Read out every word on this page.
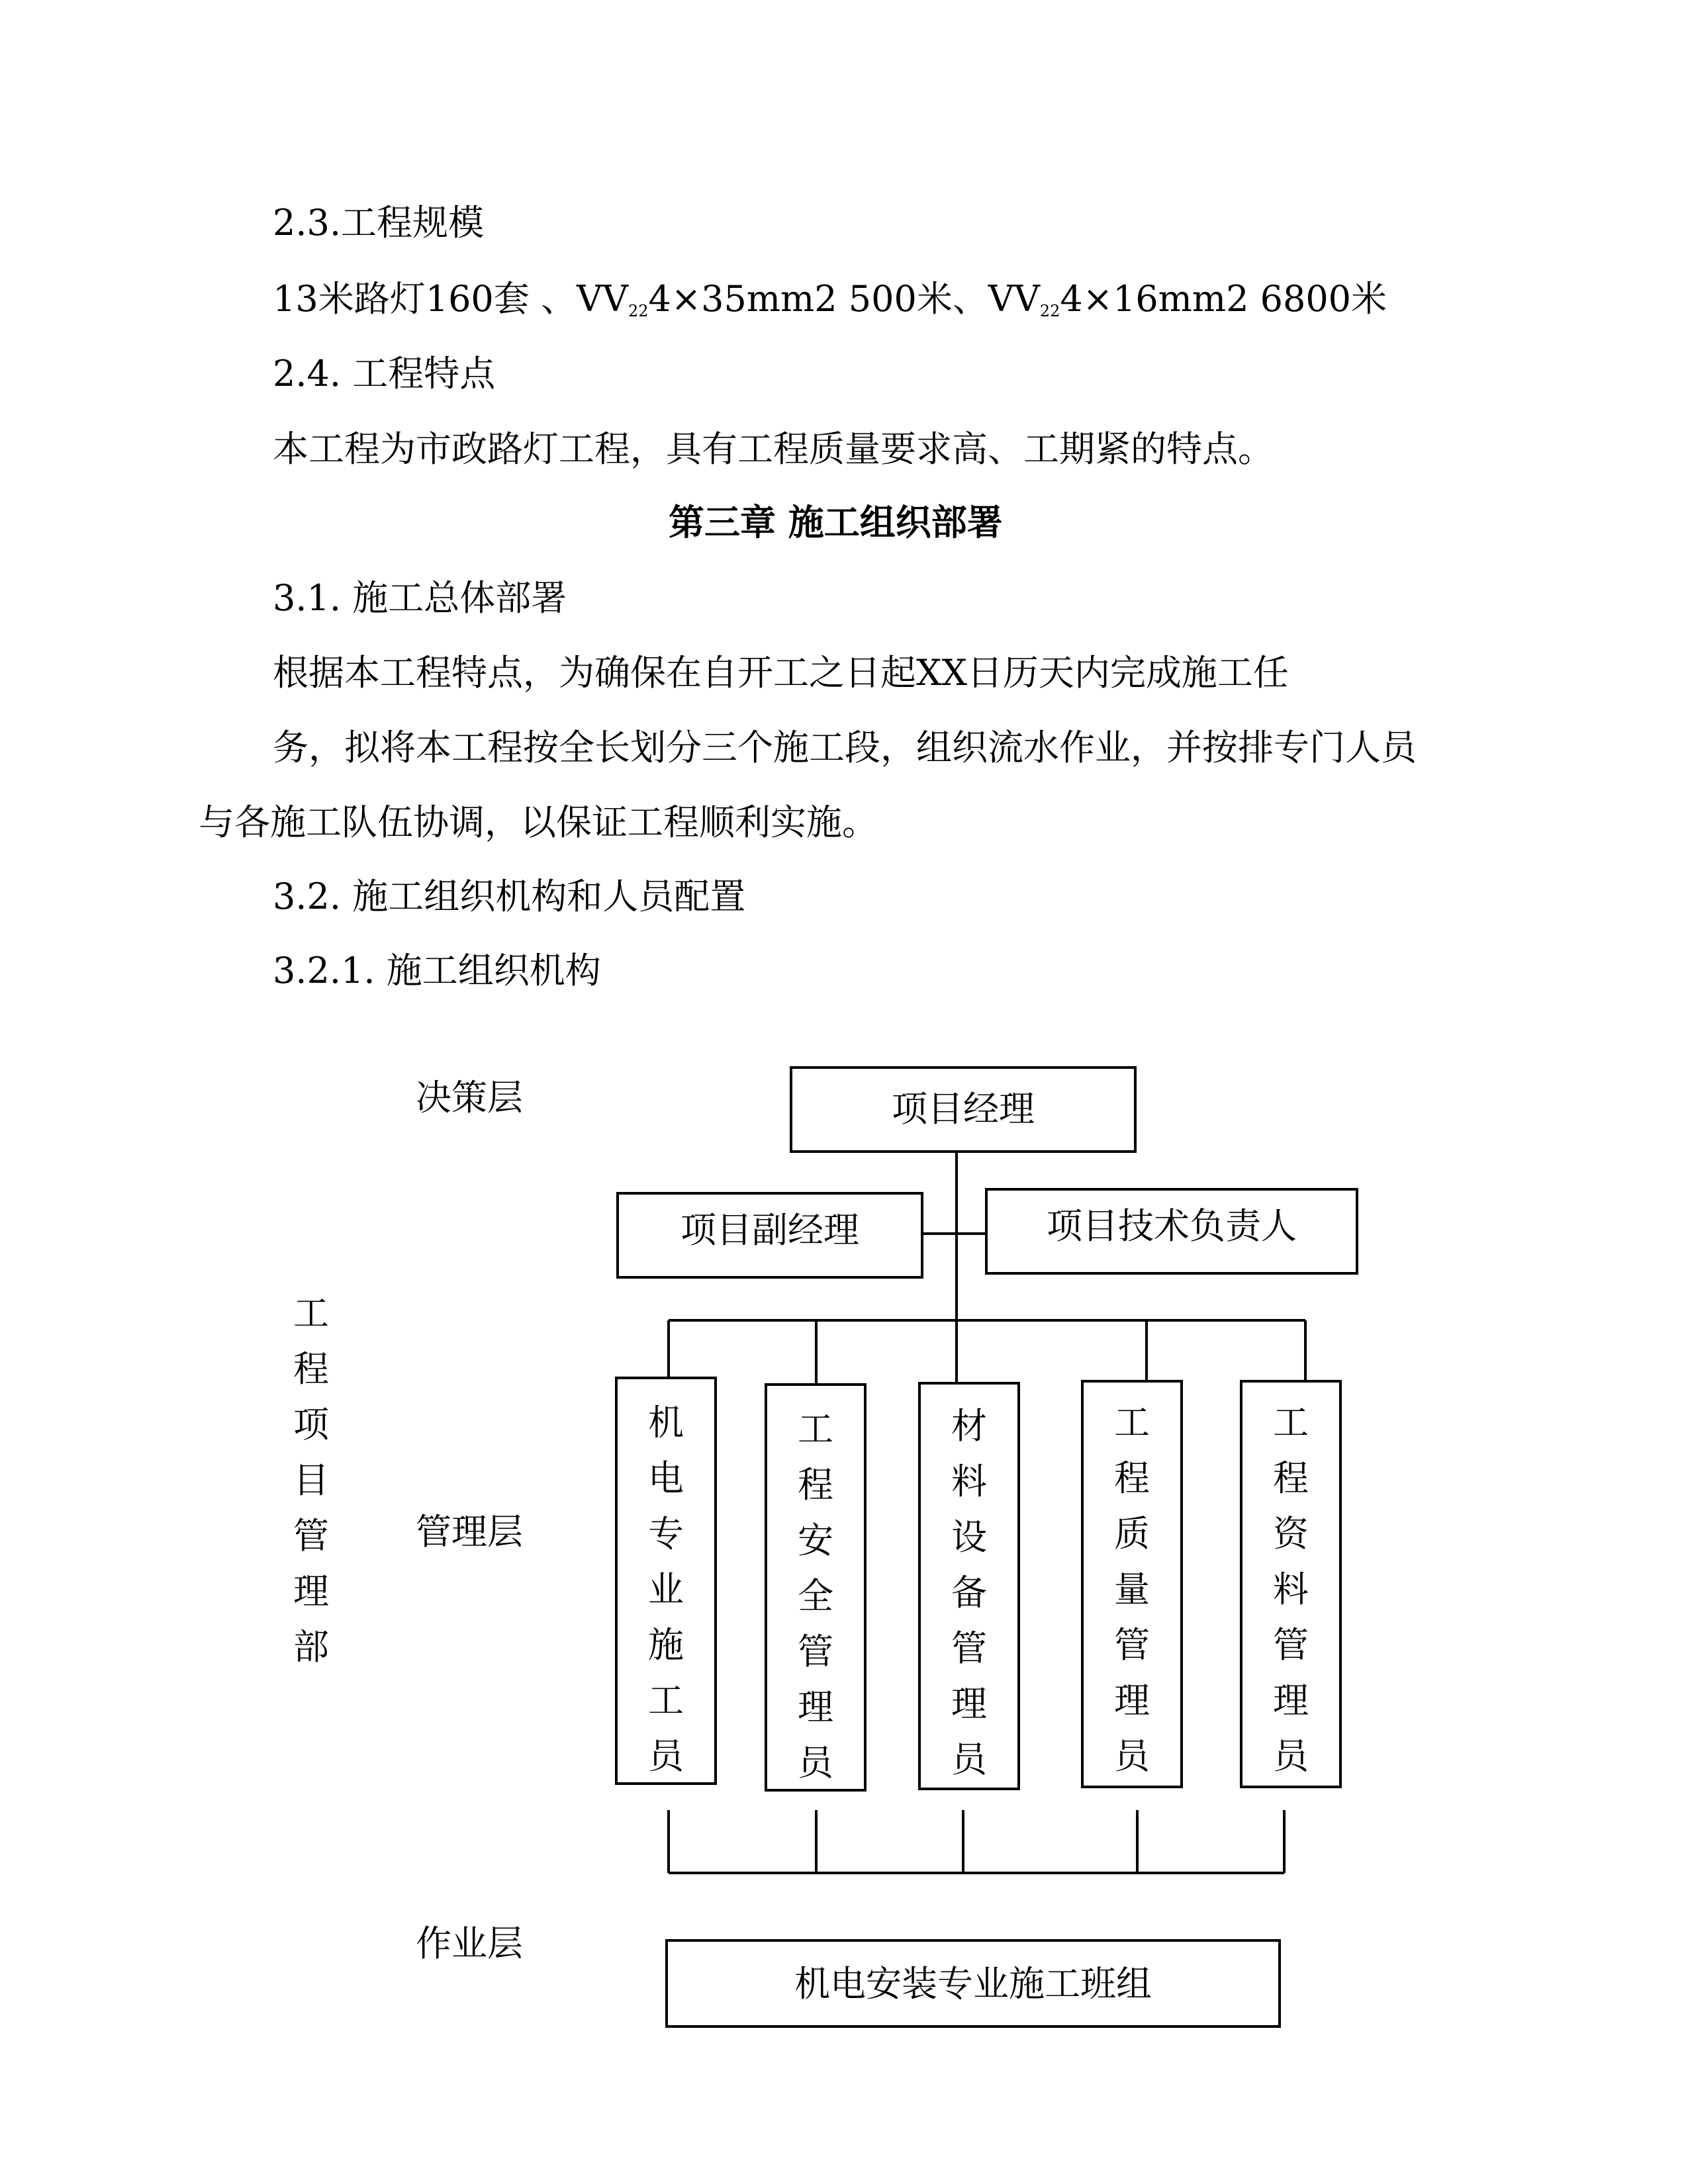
2.3.工程规模
13米路灯160套 、$VV_{22}4\times 35mm2$ 500米、$VV_{22}4\times 16mm2$ 6800米
2.4. 工程特点
本工程为市政路灯工程，具有工程质量要求高、工期紧的特点。
第三章 施工组织部署
3.1. 施工总体部署
根据本工程特点，为确保在自开工之日起XX日历天内完成施工任
务，拟将本工程按全长划分三个施工段，组织流水作业，并按排专门人员
与各施工队伍协调，以保证工程顺利实施。
3.2. 施工组织机构和人员配置
3.2.1. 施工组织机构
决策层
管理层
作业层
工
程
项
目
管
理
部
项目经理
项目副经理	项目技术负责人
机
电
专
业
施
工
员
工
程
安
全
管
理
员
材
料
设
备
管
理
员
工
程
质
量
管
理
员
工
程
资
料
管
理
员
机电安装专业施工班组
